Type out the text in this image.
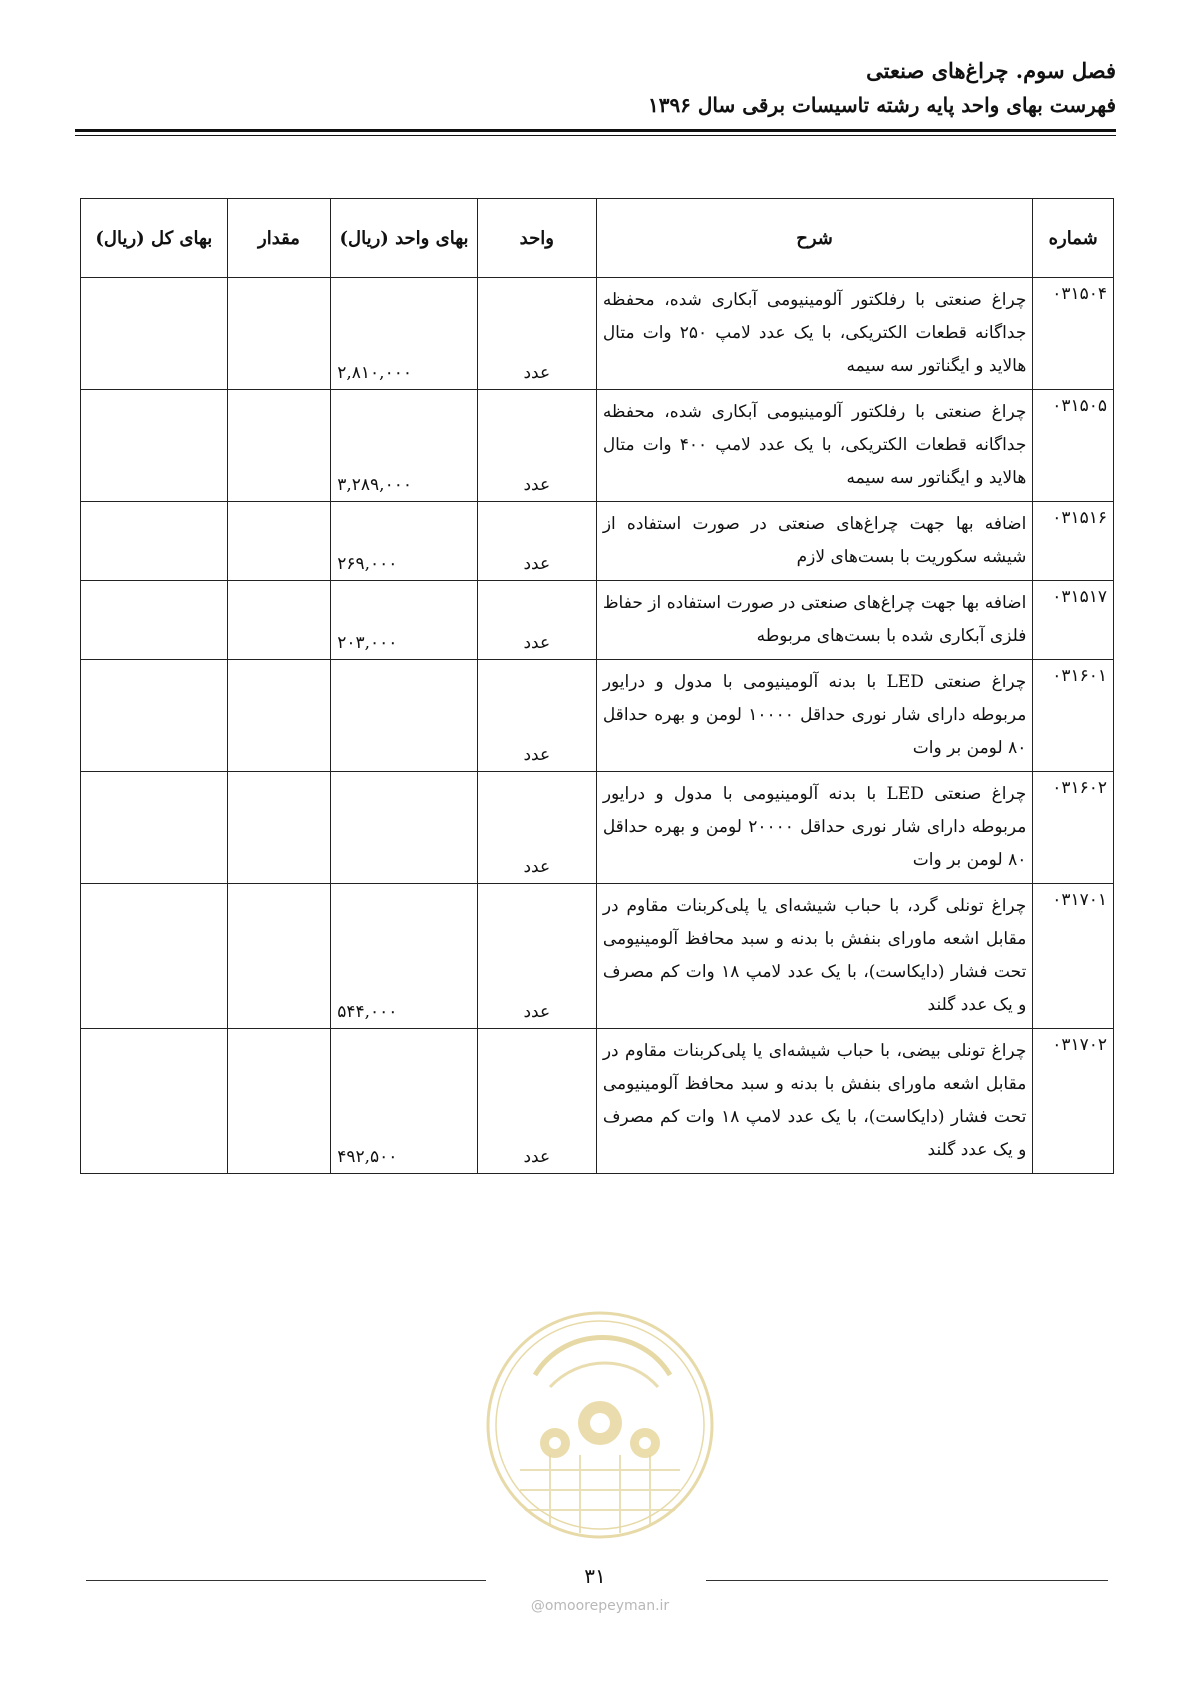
فصل سوم. چراغ‌های صنعتی
فهرست بهای واحد پایه رشته تاسیسات برقی سال ۱۳۹۶
شماره	شرح	واحد	بهای واحد (ریال)	مقدار	بهای کل (ریال)
۰۳۱۵۰۴	چراغ صنعتی با رفلکتور آلومینیومی آبکاری شده، محفظه جداگانه قطعات الکتریکی، با یک عدد لامپ ۲۵۰ وات متال هالاید و ایگناتور سه سیمه	عدد	۲,۸۱۰,۰۰۰		
۰۳۱۵۰۵	چراغ صنعتی با رفلکتور آلومینیومی آبکاری شده، محفظه جداگانه قطعات الکتریکی، با یک عدد لامپ ۴۰۰ وات متال هالاید و ایگناتور سه سیمه	عدد	۳,۲۸۹,۰۰۰		
۰۳۱۵۱۶	اضافه بها جهت چراغ‌های صنعتی در صورت استفاده از شیشه سکوریت با بست‌های لازم	عدد	۲۶۹,۰۰۰		
۰۳۱۵۱۷	اضافه بها جهت چراغ‌های صنعتی در صورت استفاده از حفاظ فلزی آبکاری شده با بست‌های مربوطه	عدد	۲۰۳,۰۰۰		
۰۳۱۶۰۱	چراغ صنعتی LED با بدنه آلومینیومی با مدول و درایور مربوطه دارای شار نوری حداقل ۱۰۰۰۰ لومن و بهره حداقل ۸۰ لومن بر وات	عدد			
۰۳۱۶۰۲	چراغ صنعتی LED با بدنه آلومینیومی با مدول و درایور مربوطه دارای شار نوری حداقل ۲۰۰۰۰ لومن و بهره حداقل ۸۰ لومن بر وات	عدد			
۰۳۱۷۰۱	چراغ تونلی گرد، با حباب شیشه‌ای یا پلی‌کربنات مقاوم در مقابل اشعه ماورای بنفش با بدنه و سبد محافظ آلومینیومی تحت فشار (دایکاست)، با یک عدد لامپ ۱۸ وات کم مصرف و یک عدد گلند	عدد	۵۴۴,۰۰۰		
۰۳۱۷۰۲	چراغ تونلی بیضی، با حباب شیشه‌ای یا پلی‌کربنات مقاوم در مقابل اشعه ماورای بنفش با بدنه و سبد محافظ آلومینیومی تحت فشار (دایکاست)، با یک عدد لامپ ۱۸ وات کم مصرف و یک عدد گلند	عدد	۴۹۲,۵۰۰		
۳۱
@omoorepeyman.ir
